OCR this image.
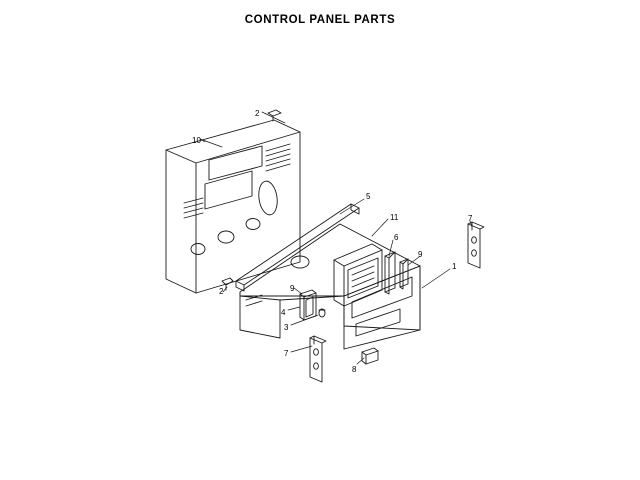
CONTROL PANEL PARTS
1
2
2
3
4
5
6
7
7
8
9
9
10
11
